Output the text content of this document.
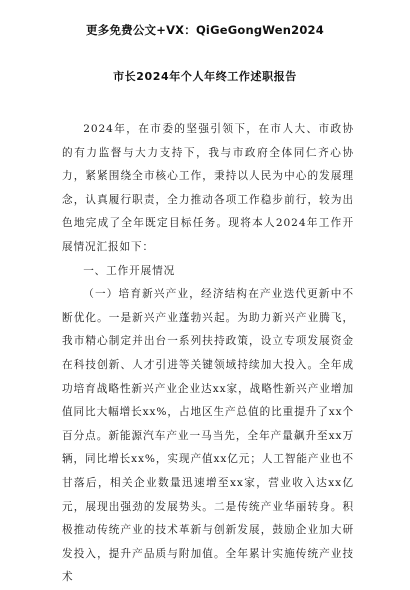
更多免费公文+VX：QiGeGongWen2024
市长2024年个人年终工作述职报告

2024年，在市委的坚强引领下，在市人大、市政协的有力监督与大力支持下，我与市政府全体同仁齐心协力，紧紧围绕全市核心工作，秉持以人民为中心的发展理念，认真履行职责，全力推动各项工作稳步前行，较为出色地完成了全年既定目标任务。现将本人2024年工作开展情况汇报如下：

一、工作开展情况

（一）培育新兴产业，经济结构在产业迭代更新中不断优化。一是新兴产业蓬勃兴起。为助力新兴产业腾飞，我市精心制定并出台一系列扶持政策，设立专项发展资金在科技创新、人才引进等关键领域持续加大投入。全年成功培育战略性新兴产业企业达xx家，战略性新兴产业增加值同比大幅增长xx%，占地区生产总值的比重提升了xx个百分点。新能源汽车产业一马当先，全年产量飙升至xx万辆，同比增长xx%，实现产值xx亿元；人工智能产业也不甘落后，相关企业数量迅速增至xx家，营业收入达xx亿元，展现出强劲的发展势头。二是传统产业华丽转身。积极推动传统产业的技术革新与创新发展，鼓励企业加大研发投入，提升产品质与附加值。全年累计实施传统产业技术
